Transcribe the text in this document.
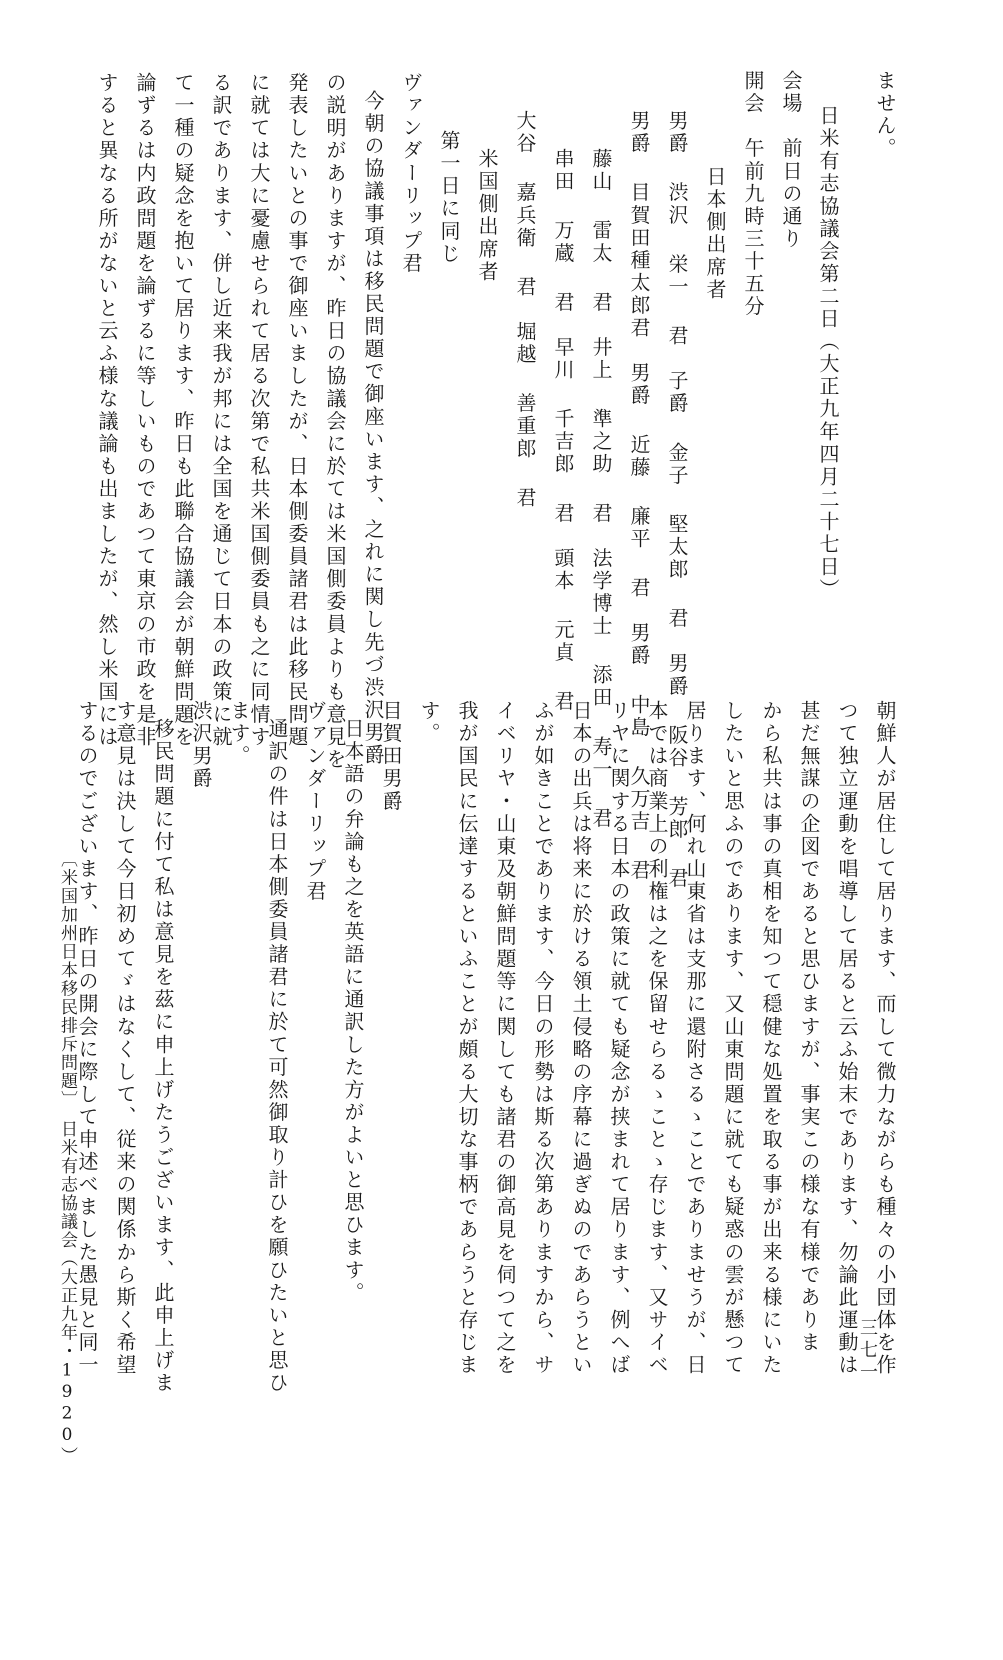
ません。
日米有志協議会第二日（大正九年四月二十七日）
会場　前日の通り
開会　午前九時三十五分
日本側出席者
男爵 渋沢 栄一 君　子爵 金子 堅太郎 君　男爵 阪谷 芳郎 君
男爵 目賀田種太郎君　男爵 近藤 廉平 君　男爵 中島 久万吉 君
藤山 雷太 君　井上 準之助 君　法学博士 添田 寿一 君
串田 万蔵 君　早川 千吉郎 君　頭本 元貞 君
大谷 嘉兵衛 君　堀越 善重郎 君
米国側出席者
第一日に同じ
ヴァンダーリップ君
今朝の協議事項は移民問題で御座います、之れに関し先づ渋沢男爵
の説明がありますが、昨日の協議会に於ては米国側委員よりも意見を
発表したいとの事で御座いましたが、日本側委員諸君は此移民問題
に就ては大に憂慮せられて居る次第で私共米国側委員も之に同情す
る訳であります、併し近来我が邦には全国を通じて日本の政策に就
て一種の疑念を抱いて居ります、昨日も此聯合協議会が朝鮮問題を
論ずるは内政問題を論ずるに等しいものであつて東京の市政を是非
すると異なる所がないと云ふ様な議論も出ましたが、然し米国には
朝鮮人が居住して居ります、而して微力ながらも種々の小団体を作
つて独立運動を唱導して居ると云ふ始末であります、勿論此運動は
甚だ無謀の企図であると思ひますが、事実この様な有様でありま
から私共は事の真相を知つて穏健な処置を取る事が出来る様にいた
したいと思ふのであります、又山東問題に就ても疑惑の雲が懸つて
居ります、何れ山東省は支那に還附さるゝことでありませうが、日
本では商業上の利権は之を保留せらるゝことゝ存じます、又サイベ
リヤに関する日本の政策に就ても疑念が挟まれて居ります、例へば
日本の出兵は将来に於ける領土侵略の序幕に過ぎぬのであらうとい
ふが如きことであります、今日の形勢は斯る次第ありますから、サ
イベリヤ・山東及朝鮮問題等に関しても諸君の御高見を伺つて之を
我が国民に伝達するといふことが頗る大切な事柄であらうと存じま
す。
目賀田男爵
日本語の弁論も之を英語に通訳した方がよいと思ひます。
ヴァンダーリップ君
通訳の件は日本側委員諸君に於て可然御取り計ひを願ひたいと思ひ
ます。
渋沢男爵
移民問題に付て私は意見を茲に申上げたうございます、此申上げま
す意見は決して今日初めてゞはなくして、従来の関係から斯く希望
するのでございます、昨日の開会に際して申述べました愚見と同一
〔米国加州日本移民排斥問題〕
日米有志協議会（大正九年・1920）	三七一
